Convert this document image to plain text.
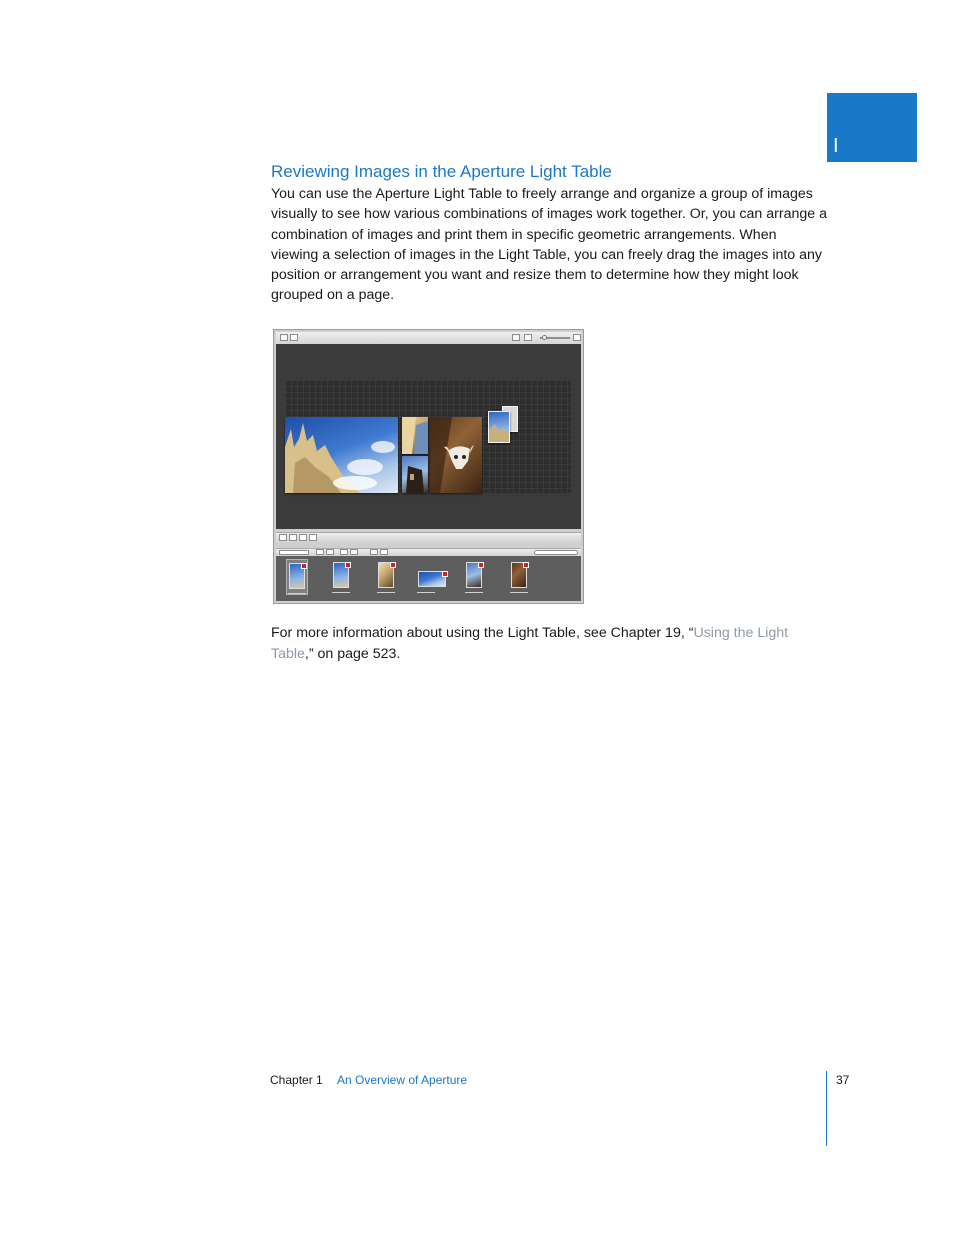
I
Reviewing Images in the Aperture Light Table

You can use the Aperture Light Table to freely arrange and organize a group of images visually to see how various combinations of images work together. Or, you can arrange a combination of images and print them in specific geometric arrangements. When viewing a selection of images in the Light Table, you can freely drag the images into any position or arrangement you want and resize them to determine how they might look grouped on a page.

For more information about using the Light Table, see Chapter 19, “Using the Light Table,” on page 523.

Chapter 1 An Overview of Aperture	37
